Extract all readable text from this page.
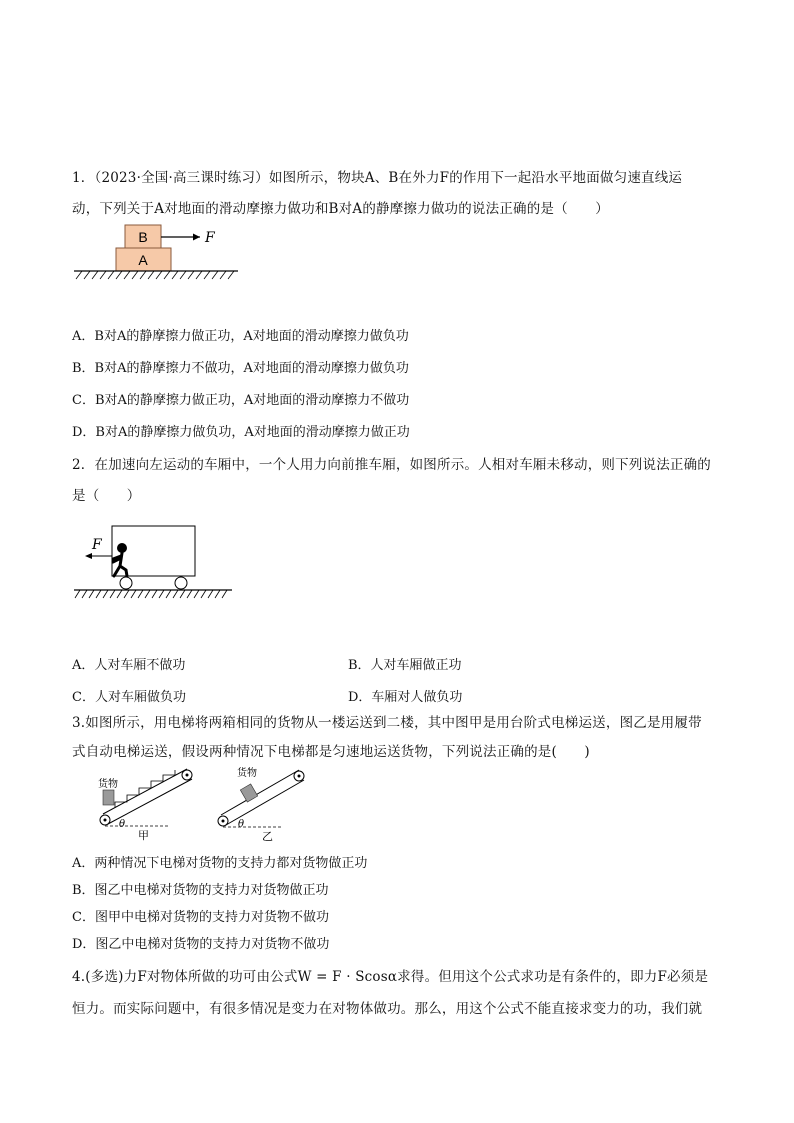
1．（2023·全国·高三课时练习）如图所示，物块A、B在外力F的作用下一起沿水平地面做匀速直线运
动，下列关于A对地面的滑动摩擦力做功和B对A的静摩擦力做功的说法正确的是（　　）
B
A
F
A．B对A的静摩擦力做正功，A对地面的滑动摩擦力做负功
B．B对A的静摩擦力不做功，A对地面的滑动摩擦力做负功
C．B对A的静摩擦力做正功，A对地面的滑动摩擦力不做功
D．B对A的静摩擦力做负功，A对地面的滑动摩擦力做正功
2．在加速向左运动的车厢中，一个人用力向前推车厢，如图所示。人相对车厢未移动，则下列说法正确的
是（　　）
F
A．人对车厢不做功	B．人对车厢做正功
C．人对车厢做负功	D．车厢对人做负功
3.如图所示，用电梯将两箱相同的货物从一楼运送到二楼，其中图甲是用台阶式电梯运送，图乙是用履带
式自动电梯运送，假设两种情况下电梯都是匀速地运送货物，下列说法正确的是(　　)
货物
θ
甲
货物
θ
乙
A．两种情况下电梯对货物的支持力都对货物做正功
B．图乙中电梯对货物的支持力对货物做正功
C．图甲中电梯对货物的支持力对货物不做功
D．图乙中电梯对货物的支持力对货物不做功
4.(多选)力F对物体所做的功可由公式W = F · Scosα求得。但用这个公式求功是有条件的，即力F必须是
恒力。而实际问题中，有很多情况是变力在对物体做功。那么，用这个公式不能直接求变力的功，我们就
